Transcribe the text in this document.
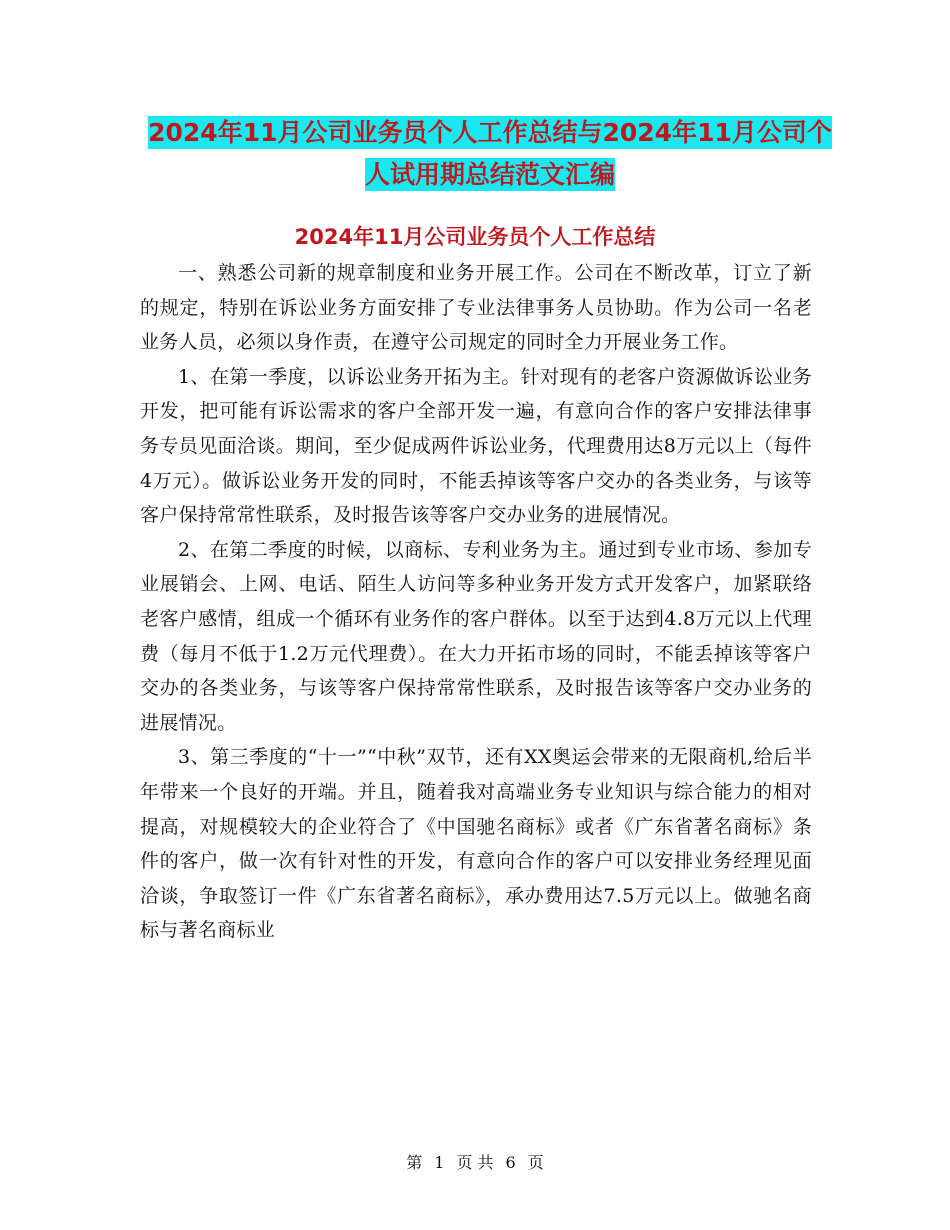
2024年11月公司业务员个人工作总结与2024年11月公司个人试用期总结范文汇编
2024年11月公司业务员个人工作总结

一、熟悉公司新的规章制度和业务开展工作。公司在不断改革，订立了新的规定，特别在诉讼业务方面安排了专业法律事务人员协助。作为公司一名老业务人员，必须以身作责，在遵守公司规定的同时全力开展业务工作。

1、在第一季度，以诉讼业务开拓为主。针对现有的老客户资源做诉讼业务开发，把可能有诉讼需求的客户全部开发一遍，有意向合作的客户安排法律事务专员见面洽谈。期间，至少促成两件诉讼业务，代理费用达8万元以上（每件4万元）。做诉讼业务开发的同时，不能丢掉该等客户交办的各类业务，与该等客户保持常常性联系，及时报告该等客户交办业务的进展情况。

2、在第二季度的时候，以商标、专利业务为主。通过到专业市场、参加专业展销会、上网、电话、陌生人访问等多种业务开发方式开发客户，加紧联络老客户感情，组成一个循环有业务作的客户群体。以至于达到4.8万元以上代理费（每月不低于1.2万元代理费）。在大力开拓市场的同时，不能丢掉该等客户交办的各类业务，与该等客户保持常常性联系，及时报告该等客户交办业务的进展情况。

3、第三季度的“十一”“中秋”双节，还有XX奥运会带来的无限商机,给后半年带来一个良好的开端。并且，随着我对高端业务专业知识与综合能力的相对提高，对规模较大的企业符合了《中国驰名商标》或者《广东省著名商标》条件的客户，做一次有针对性的开发，有意向合作的客户可以安排业务经理见面洽谈，争取签订一件《广东省著名商标》，承办费用达7.5万元以上。做驰名商标与著名商标业

第 1 页 共 6 页
